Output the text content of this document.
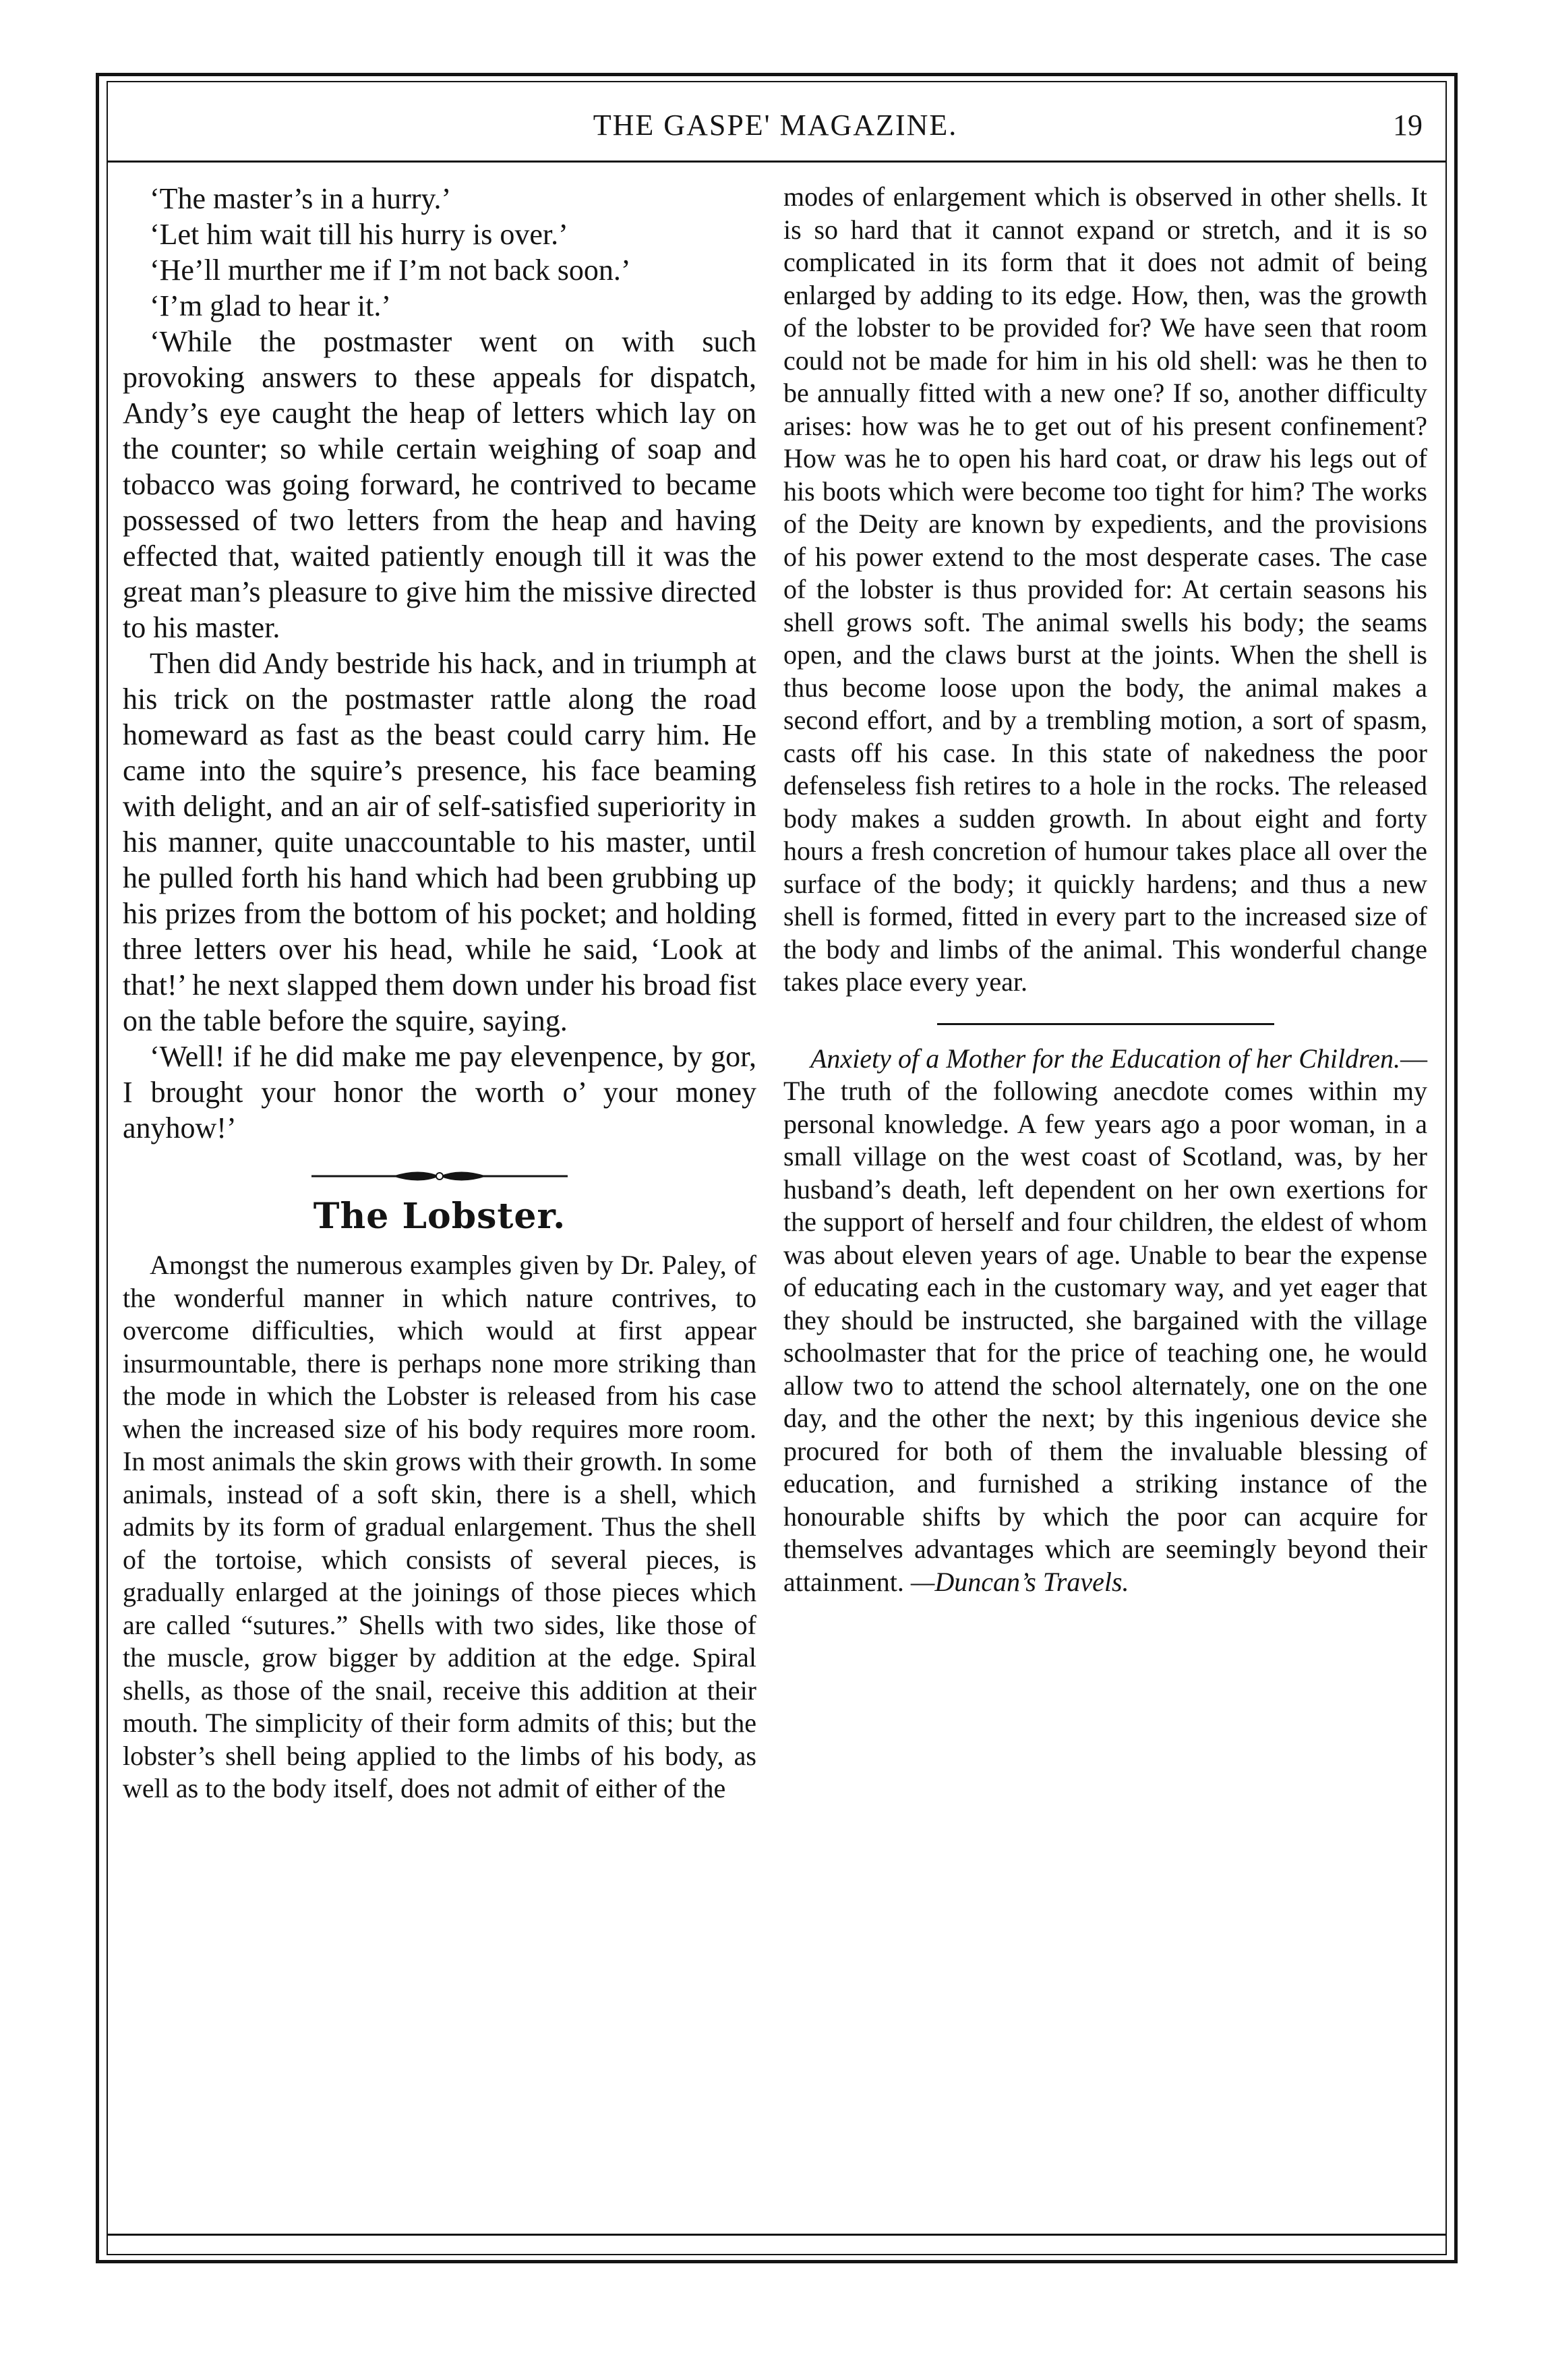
THE GASPE' MAGAZINE.	19

‘The master’s in a hurry.’

‘Let him wait till his hurry is over.’

‘He’ll murther me if I’m not back soon.’

‘I’m glad to hear it.’

‘While the postmaster went on with such provoking answers to these appeals for dispatch, Andy’s eye caught the heap of letters which lay on the counter; so while certain weighing of soap and tobacco was going forward, he contrived to became possessed of two letters from the heap and having effected that, waited patiently enough till it was the great man’s pleasure to give him the missive directed to his master.

Then did Andy bestride his hack, and in triumph at his trick on the postmaster rattle along the road homeward as fast as the beast could carry him. He came into the squire’s presence, his face beaming with delight, and an air of self-satisfied superiority in his manner, quite unaccountable to his master, until he pulled forth his hand which had been grubbing up his prizes from the bottom of his pocket; and holding three letters over his head, while he said, ‘Look at that!’ he next slapped them down under his broad fist on the table before the squire, saying.

‘Well! if he did make me pay elevenpence, by gor, I brought your honor the worth o’ your money anyhow!’

The Lobster.

Amongst the numerous examples given by Dr. Paley, of the wonderful manner in which nature contrives, to overcome difficulties, which would at first appear insurmountable, there is perhaps none more striking than the mode in which the Lobster is released from his case when the increased size of his body requires more room. In most animals the skin grows with their growth. In some animals, instead of a soft skin, there is a shell, which admits by its form of gradual enlargement. Thus the shell of the tortoise, which consists of several pieces, is gradually enlarged at the joinings of those pieces which are called “sutures.” Shells with two sides, like those of the muscle, grow bigger by addition at the edge. Spiral shells, as those of the snail, receive this addition at their mouth. The simplicity of their form admits of this; but the lobster’s shell being applied to the limbs of his body, as well as to the body itself, does not admit of either of the

modes of enlargement which is observed in other shells. It is so hard that it cannot expand or stretch, and it is so complicated in its form that it does not admit of being enlarged by adding to its edge. How, then, was the growth of the lobster to be provided for? We have seen that room could not be made for him in his old shell: was he then to be annually fitted with a new one? If so, another difficulty arises: how was he to get out of his present confinement? How was he to open his hard coat, or draw his legs out of his boots which were become too tight for him? The works of the Deity are known by expedients, and the provisions of his power extend to the most desperate cases. The case of the lobster is thus provided for: At certain seasons his shell grows soft. The animal swells his body; the seams open, and the claws burst at the joints. When the shell is thus become loose upon the body, the animal makes a second effort, and by a trembling motion, a sort of spasm, casts off his case. In this state of nakedness the poor defenseless fish retires to a hole in the rocks. The released body makes a sudden growth. In about eight and forty hours a fresh concretion of humour takes place all over the surface of the body; it quickly hardens; and thus a new shell is formed, fitted in every part to the increased size of the body and limbs of the animal. This wonderful change takes place every year.

Anxiety of a Mother for the Education of her Children.—The truth of the following anecdote comes within my personal knowledge. A few years ago a poor woman, in a small village on the west coast of Scotland, was, by her husband’s death, left dependent on her own exertions for the support of herself and four children, the eldest of whom was about eleven years of age. Unable to bear the expense of educating each in the customary way, and yet eager that they should be instructed, she bargained with the village schoolmaster that for the price of teaching one, he would allow two to attend the school alternately, one on the one day, and the other the next; by this ingenious device she procured for both of them the invaluable blessing of education, and furnished a striking instance of the honourable shifts by which the poor can acquire for themselves advantages which are seemingly beyond their attainment. —Duncan’s Travels.
